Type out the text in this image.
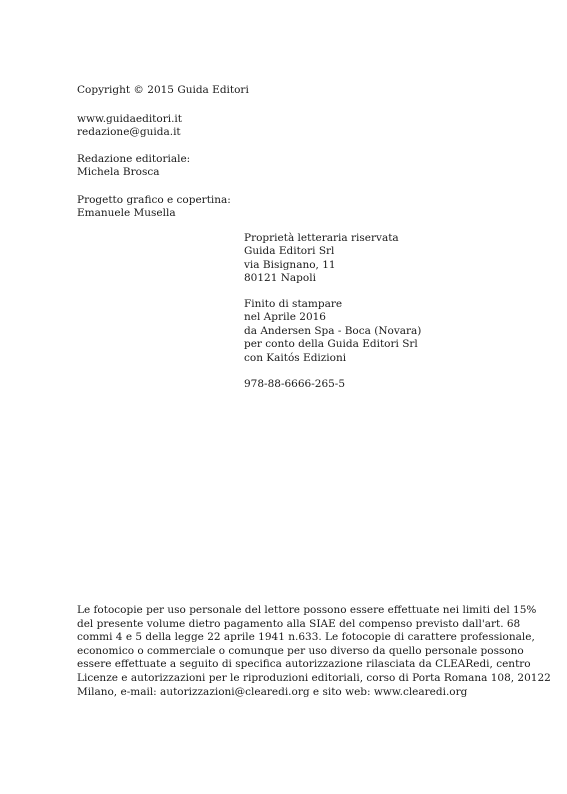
Copyright © 2015 Guida Editori
www.guidaeditori.it
redazione@guida.it
Redazione editoriale:
Michela Brosca
Progetto grafico e copertina:
Emanuele Musella
Proprietà letteraria riservata
Guida Editori Srl
via Bisignano, 11
80121 Napoli
Finito di stampare
nel Aprile 2016
da Andersen Spa - Boca (Novara)
per conto della Guida Editori Srl
con Kaitós Edizioni
978-88-6666-265-5
Le fotocopie per uso personale del lettore possono essere effettuate nei limiti del 15%
del presente volume dietro pagamento alla SIAE del compenso previsto dall'art. 68
commi 4 e 5 della legge 22 aprile 1941 n.633. Le fotocopie di carattere professionale,
economico o commerciale o comunque per uso diverso da quello personale possono
essere effettuate a seguito di specifica autorizzazione rilasciata da CLEARedi, centro
Licenze e autorizzazioni per le riproduzioni editoriali, corso di Porta Romana 108, 20122
Milano, e-mail: autorizzazioni@clearedi.org e sito web: www.clearedi.org
